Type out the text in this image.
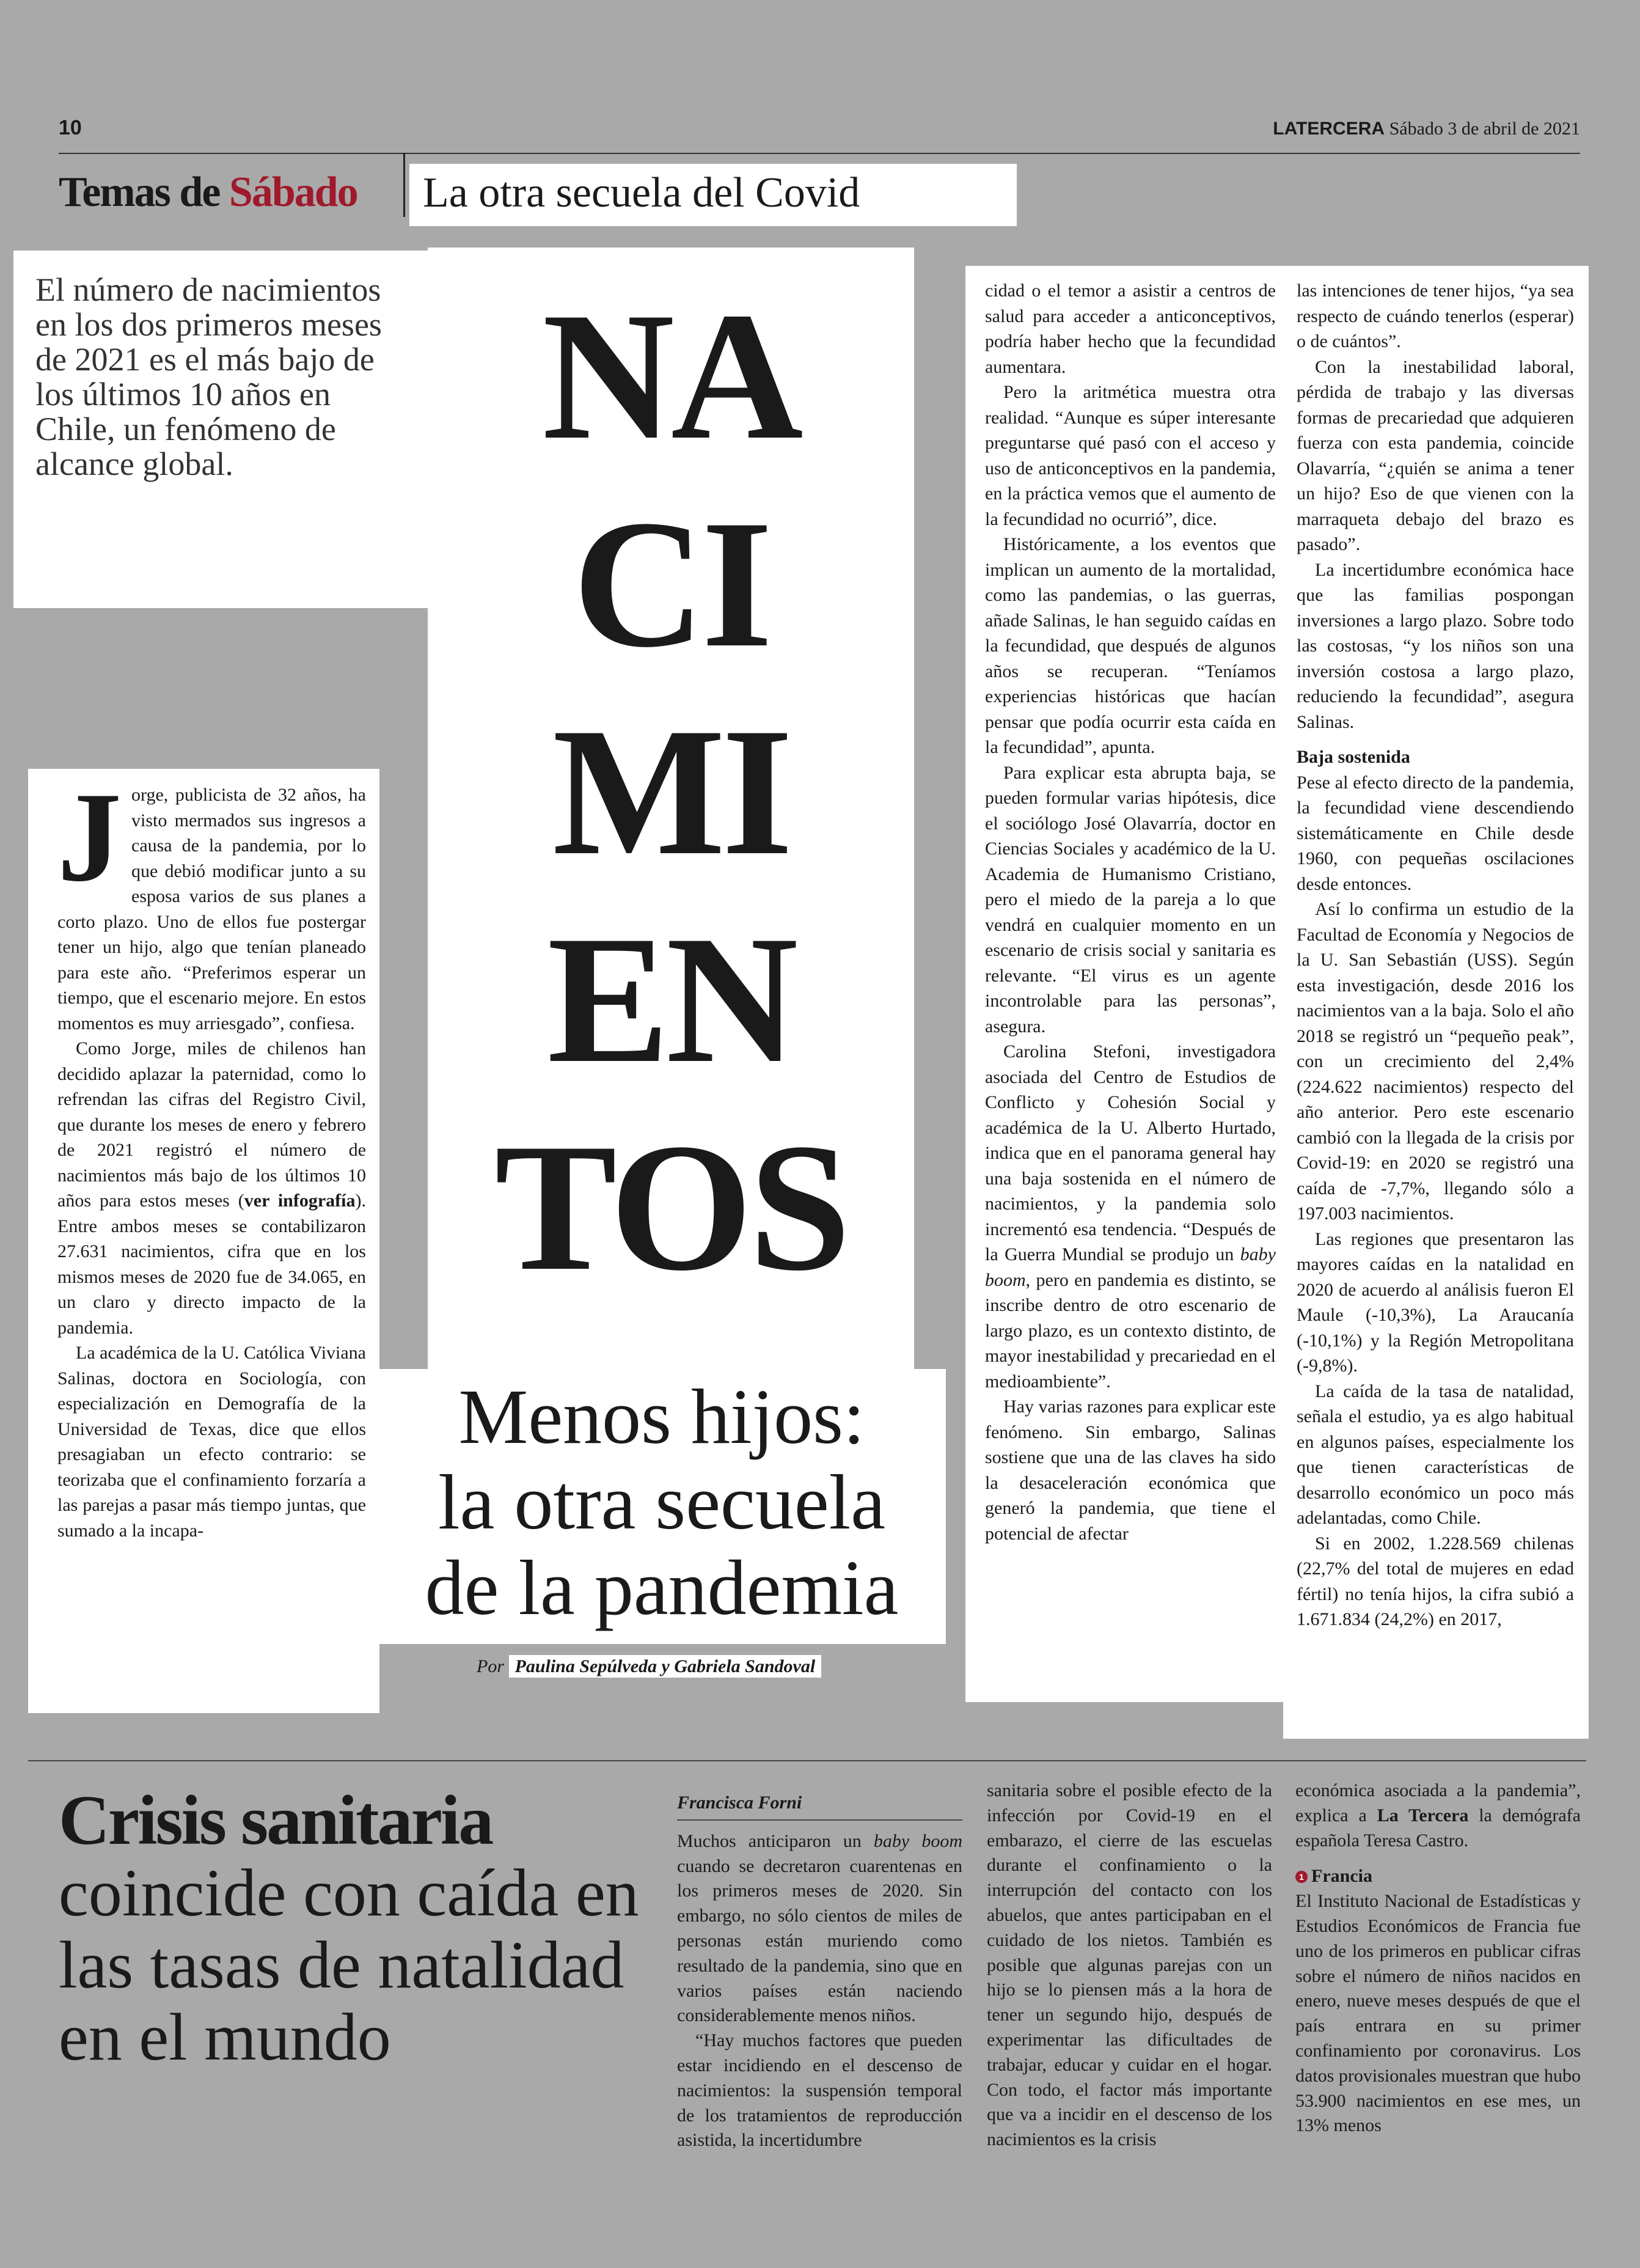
10	LATERCERA Sábado 3 de abril de 2021
Temas de Sábado La otra secuela del Covid

El número de nacimientos en los dos primeros meses de 2021 es el más bajo de los últimos 10 años en Chile, un fenómeno de alcance global.	NA
CI
MI
EN
TOS
Menos hijos:
la otra secuela
de la pandemia
Por Paulina Sepúlveda y Gabriela Sandoval

Jorge, publicista de 32 años, ha visto mermados sus ingresos a causa de la pandemia, por lo que debió modificar junto a su esposa varios de sus planes a corto plazo. Uno de ellos fue postergar tener un hijo, algo que tenían planeado para este año. “Preferimos esperar un tiempo, que el escenario mejore. En estos momentos es muy arriesgado”, confiesa.

Como Jorge, miles de chilenos han decidido aplazar la paternidad, como lo refrendan las cifras del Registro Civil, que durante los meses de enero y febrero de 2021 registró el número de nacimientos más bajo de los últimos 10 años para estos meses (ver infografía). Entre ambos meses se contabilizaron 27.631 nacimientos, cifra que en los mismos meses de 2020 fue de 34.065, en un claro y directo impacto de la pandemia.

La académica de la U. Católica Viviana Salinas, doctora en Sociología, con especialización en Demografía de la Universidad de Texas, dice que ellos presagiaban un efecto contrario: se teorizaba que el confinamiento forzaría a las parejas a pasar más tiempo juntas, que sumado a la incapa-

cidad o el temor a asistir a centros de salud para acceder a anticonceptivos, podría haber hecho que la fecundidad aumentara.

Pero la aritmética muestra otra realidad. “Aunque es súper interesante preguntarse qué pasó con el acceso y uso de anticonceptivos en la pandemia, en la práctica vemos que el aumento de la fecundidad no ocurrió”, dice.

Históricamente, a los eventos que implican un aumento de la mortalidad, como las pandemias, o las guerras, añade Salinas, le han seguido caídas en la fecundidad, que después de algunos años se recuperan. “Teníamos experiencias históricas que hacían pensar que podía ocurrir esta caída en la fecundidad”, apunta.

Para explicar esta abrupta baja, se pueden formular varias hipótesis, dice el sociólogo José Olavarría, doctor en Ciencias Sociales y académico de la U. Academia de Humanismo Cristiano, pero el miedo de la pareja a lo que vendrá en cualquier momento en un escenario de crisis social y sanitaria es relevante. “El virus es un agente incontrolable para las personas”, asegura.

Carolina Stefoni, investigadora asociada del Centro de Estudios de Conflicto y Cohesión Social y académica de la U. Alberto Hurtado, indica que en el panorama general hay una baja sostenida en el número de nacimientos, y la pandemia solo incrementó esa tendencia. “Después de la Guerra Mundial se produjo un baby boom, pero en pandemia es distinto, se inscribe dentro de otro escenario de largo plazo, es un contexto distinto, de mayor inestabilidad y precariedad en el medioambiente”.

Hay varias razones para explicar este fenómeno. Sin embargo, Salinas sostiene que una de las claves ha sido la desaceleración económica que generó la pandemia, que tiene el potencial de afectar

las intenciones de tener hijos, “ya sea respecto de cuándo tenerlos (esperar) o de cuántos”.

Con la inestabilidad laboral, pérdida de trabajo y las diversas formas de precariedad que adquieren fuerza con esta pandemia, coincide Olavarría, “¿quién se anima a tener un hijo? Eso de que vienen con la marraqueta debajo del brazo es pasado”.

La incertidumbre económica hace que las familias pospongan inversiones a largo plazo. Sobre todo las costosas, “y los niños son una inversión costosa a largo plazo, reduciendo la fecundidad”, asegura Salinas.

Baja sostenida

Pese al efecto directo de la pandemia, la fecundidad viene descendiendo sistemáticamente en Chile desde 1960, con pequeñas oscilaciones desde entonces.

Así lo confirma un estudio de la Facultad de Economía y Negocios de la U. San Sebastián (USS). Según esta investigación, desde 2016 los nacimientos van a la baja. Solo el año 2018 se registró un “pequeño peak”, con un crecimiento del 2,4% (224.622 nacimientos) respecto del año anterior. Pero este escenario cambió con la llegada de la crisis por Covid-19: en 2020 se registró una caída de -7,7%, llegando sólo a 197.003 nacimientos.

Las regiones que presentaron las mayores caídas en la natalidad en 2020 de acuerdo al análisis fueron El Maule (-10,3%), La Araucanía (-10,1%) y la Región Metropolitana (-9,8%).

La caída de la tasa de natalidad, señala el estudio, ya es algo habitual en algunos países, especialmente los que tienen características de desarrollo económico un poco más adelantadas, como Chile.

Si en 2002, 1.228.569 chilenas (22,7% del total de mujeres en edad fértil) no tenía hijos, la cifra subió a 1.671.834 (24,2%) en 2017,

Crisis sanitaria
coincide con caída en las tasas de natalidad en el mundo

Francisca Forni

Muchos anticiparon un baby boom cuando se decretaron cuarentenas en los primeros meses de 2020. Sin embargo, no sólo cientos de miles de personas están muriendo como resultado de la pandemia, sino que en varios países están naciendo considerablemente menos niños.

“Hay muchos factores que pueden estar incidiendo en el descenso de nacimientos: la suspensión temporal de los tratamientos de reproducción asistida, la incertidumbre

sanitaria sobre el posible efecto de la infección por Covid-19 en el embarazo, el cierre de las escuelas durante el confinamiento o la interrupción del contacto con los abuelos, que antes participaban en el cuidado de los nietos. También es posible que algunas parejas con un hijo se lo piensen más a la hora de tener un segundo hijo, después de experimentar las dificultades de trabajar, educar y cuidar en el hogar. Con todo, el factor más importante que va a incidir en el descenso de los nacimientos es la crisis

económica asociada a la pandemia”, explica a La Tercera la demógrafa española Teresa Castro.

1 Francia

El Instituto Nacional de Estadísticas y Estudios Económicos de Francia fue uno de los primeros en publicar cifras sobre el número de niños nacidos en enero, nueve meses después de que el país entrara en su primer confinamiento por coronavirus. Los datos provisionales muestran que hubo 53.900 nacimientos en ese mes, un 13% menos
